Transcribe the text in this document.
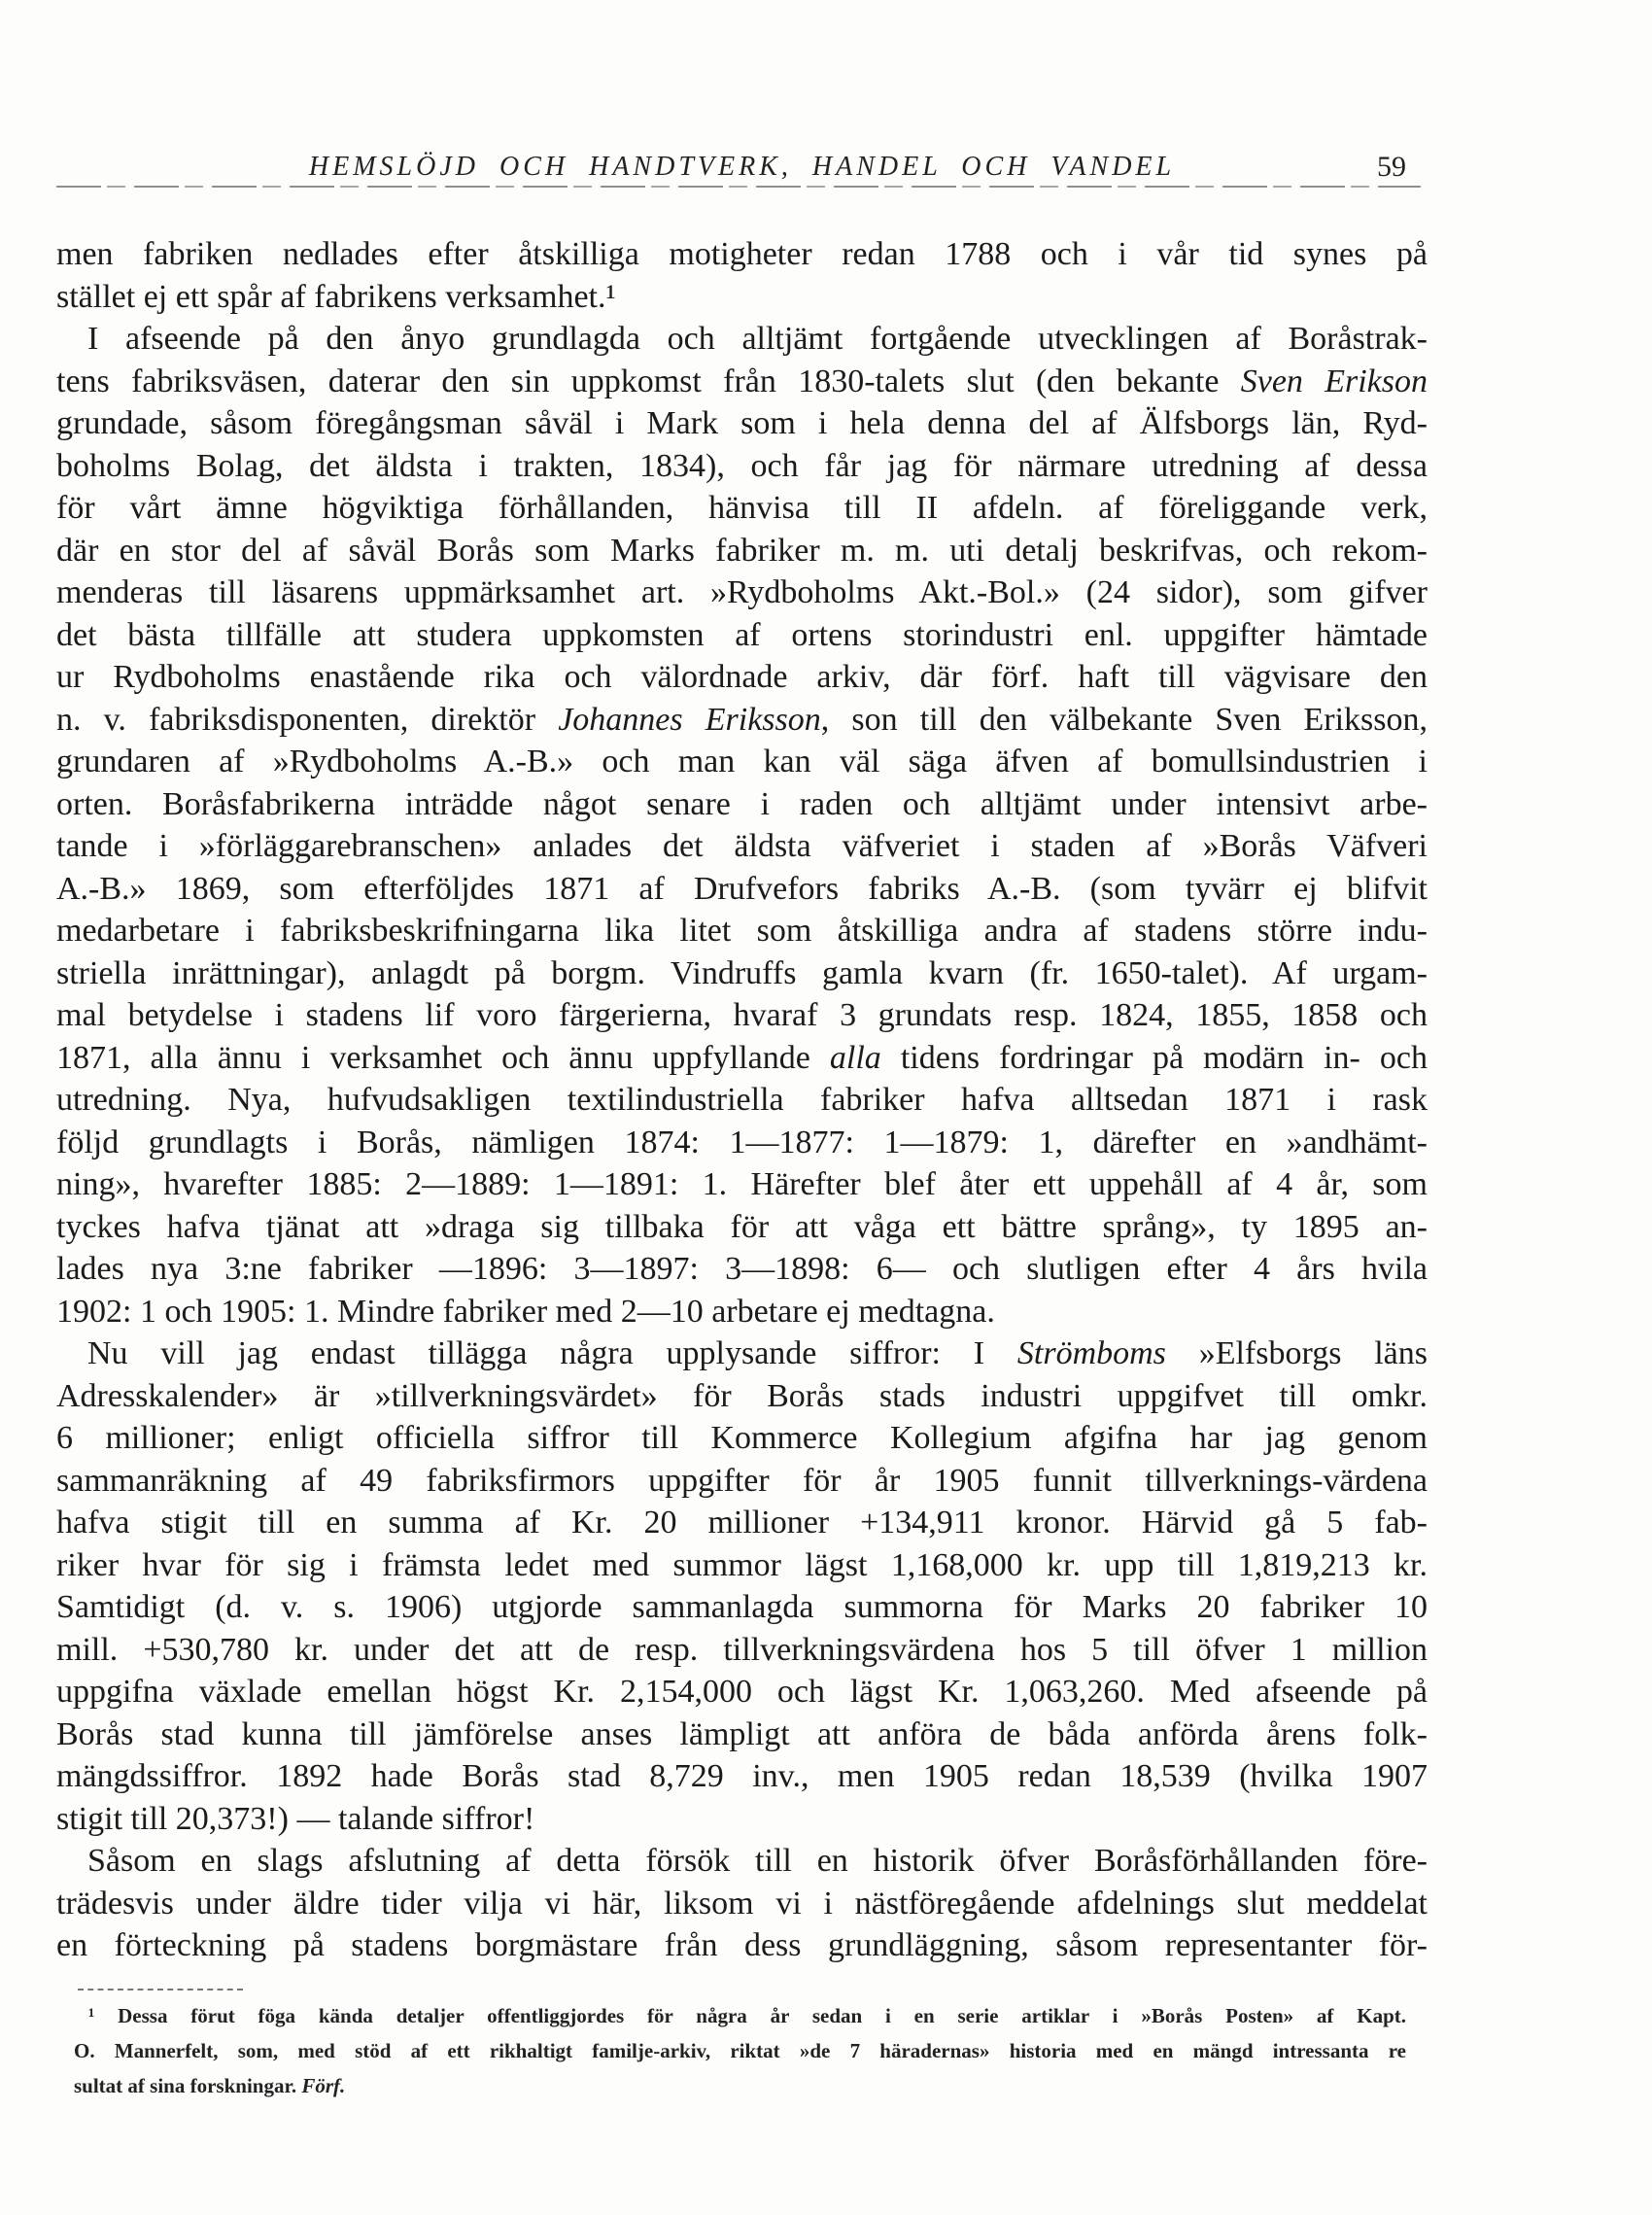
HEMSLÖJD OCH HANDTVERK, HANDEL OCH VANDEL	59
men fabriken nedlades efter åtskilliga motigheter redan 1788 och i vår tid synes på
stället ej ett spår af fabrikens verksamhet.¹
I afseende på den ånyo grundlagda och alltjämt fortgående utvecklingen af Boråstrak-
tens fabriksväsen, daterar den sin uppkomst från 1830-talets slut (den bekante Sven Erikson
grundade, såsom föregångsman såväl i Mark som i hela denna del af Älfsborgs län, Ryd-
boholms Bolag, det äldsta i trakten, 1834), och får jag för närmare utredning af dessa
för vårt ämne högviktiga förhållanden, hänvisa till II afdeln. af föreliggande verk,
där en stor del af såväl Borås som Marks fabriker m. m. uti detalj beskrifvas, och rekom-
menderas till läsarens uppmärksamhet art. »Rydboholms Akt.-Bol.» (24 sidor), som gifver
det bästa tillfälle att studera uppkomsten af ortens storindustri enl. uppgifter hämtade
ur Rydboholms enastående rika och välordnade arkiv, där förf. haft till vägvisare den
n. v. fabriksdisponenten, direktör Johannes Eriksson, son till den välbekante Sven Eriksson,
grundaren af »Rydboholms A.-B.» och man kan väl säga äfven af bomullsindustrien i
orten. Boråsfabrikerna inträdde något senare i raden och alltjämt under intensivt arbe-
tande i »förläggarebranschen» anlades det äldsta väfveriet i staden af »Borås Väfveri
A.-B.» 1869, som efterföljdes 1871 af Drufvefors fabriks A.-B. (som tyvärr ej blifvit
medarbetare i fabriksbeskrifningarna lika litet som åtskilliga andra af stadens större indu-
striella inrättningar), anlagdt på borgm. Vindruffs gamla kvarn (fr. 1650-talet). Af urgam-
mal betydelse i stadens lif voro färgerierna, hvaraf 3 grundats resp. 1824, 1855, 1858 och
1871, alla ännu i verksamhet och ännu uppfyllande alla tidens fordringar på modärn in- och
utredning. Nya, hufvudsakligen textilindustriella fabriker hafva alltsedan 1871 i rask
följd grundlagts i Borås, nämligen 1874: 1—1877: 1—1879: 1, därefter en »andhämt-
ning», hvarefter 1885: 2—1889: 1—1891: 1. Härefter blef åter ett uppehåll af 4 år, som
tyckes hafva tjänat att »draga sig tillbaka för att våga ett bättre språng», ty 1895 an-
lades nya 3:ne fabriker —1896: 3—1897: 3—1898: 6— och slutligen efter 4 års hvila
1902: 1 och 1905: 1. Mindre fabriker med 2—10 arbetare ej medtagna.
Nu vill jag endast tillägga några upplysande siffror: I Strömboms »Elfsborgs läns
Adresskalender» är »tillverkningsvärdet» för Borås stads industri uppgifvet till omkr.
6 millioner; enligt officiella siffror till Kommerce Kollegium afgifna har jag genom
sammanräkning af 49 fabriksfirmors uppgifter för år 1905 funnit tillverknings-värdena
hafva stigit till en summa af Kr. 20 millioner +134,911 kronor. Härvid gå 5 fab-
riker hvar för sig i främsta ledet med summor lägst 1,168,000 kr. upp till 1,819,213 kr.
Samtidigt (d. v. s. 1906) utgjorde sammanlagda summorna för Marks 20 fabriker 10
mill. +530,780 kr. under det att de resp. tillverkningsvärdena hos 5 till öfver 1 million
uppgifna växlade emellan högst Kr. 2,154,000 och lägst Kr. 1,063,260. Med afseende på
Borås stad kunna till jämförelse anses lämpligt att anföra de båda anförda årens folk-
mängdssiffror. 1892 hade Borås stad 8,729 inv., men 1905 redan 18,539 (hvilka 1907
stigit till 20,373!) — talande siffror!
Såsom en slags afslutning af detta försök till en historik öfver Boråsförhållanden före-
trädesvis under äldre tider vilja vi här, liksom vi i nästföregående afdelnings slut meddelat
en förteckning på stadens borgmästare från dess grundläggning, såsom representanter för-
¹ Dessa förut föga kända detaljer offentliggjordes för några år sedan i en serie artiklar i »Borås Posten» af Kapt.
O. Mannerfelt, som, med stöd af ett rikhaltigt familje-arkiv, riktat »de 7 häradernas» historia med en mängd intressanta re
sultat af sina forskningar. Förf.
